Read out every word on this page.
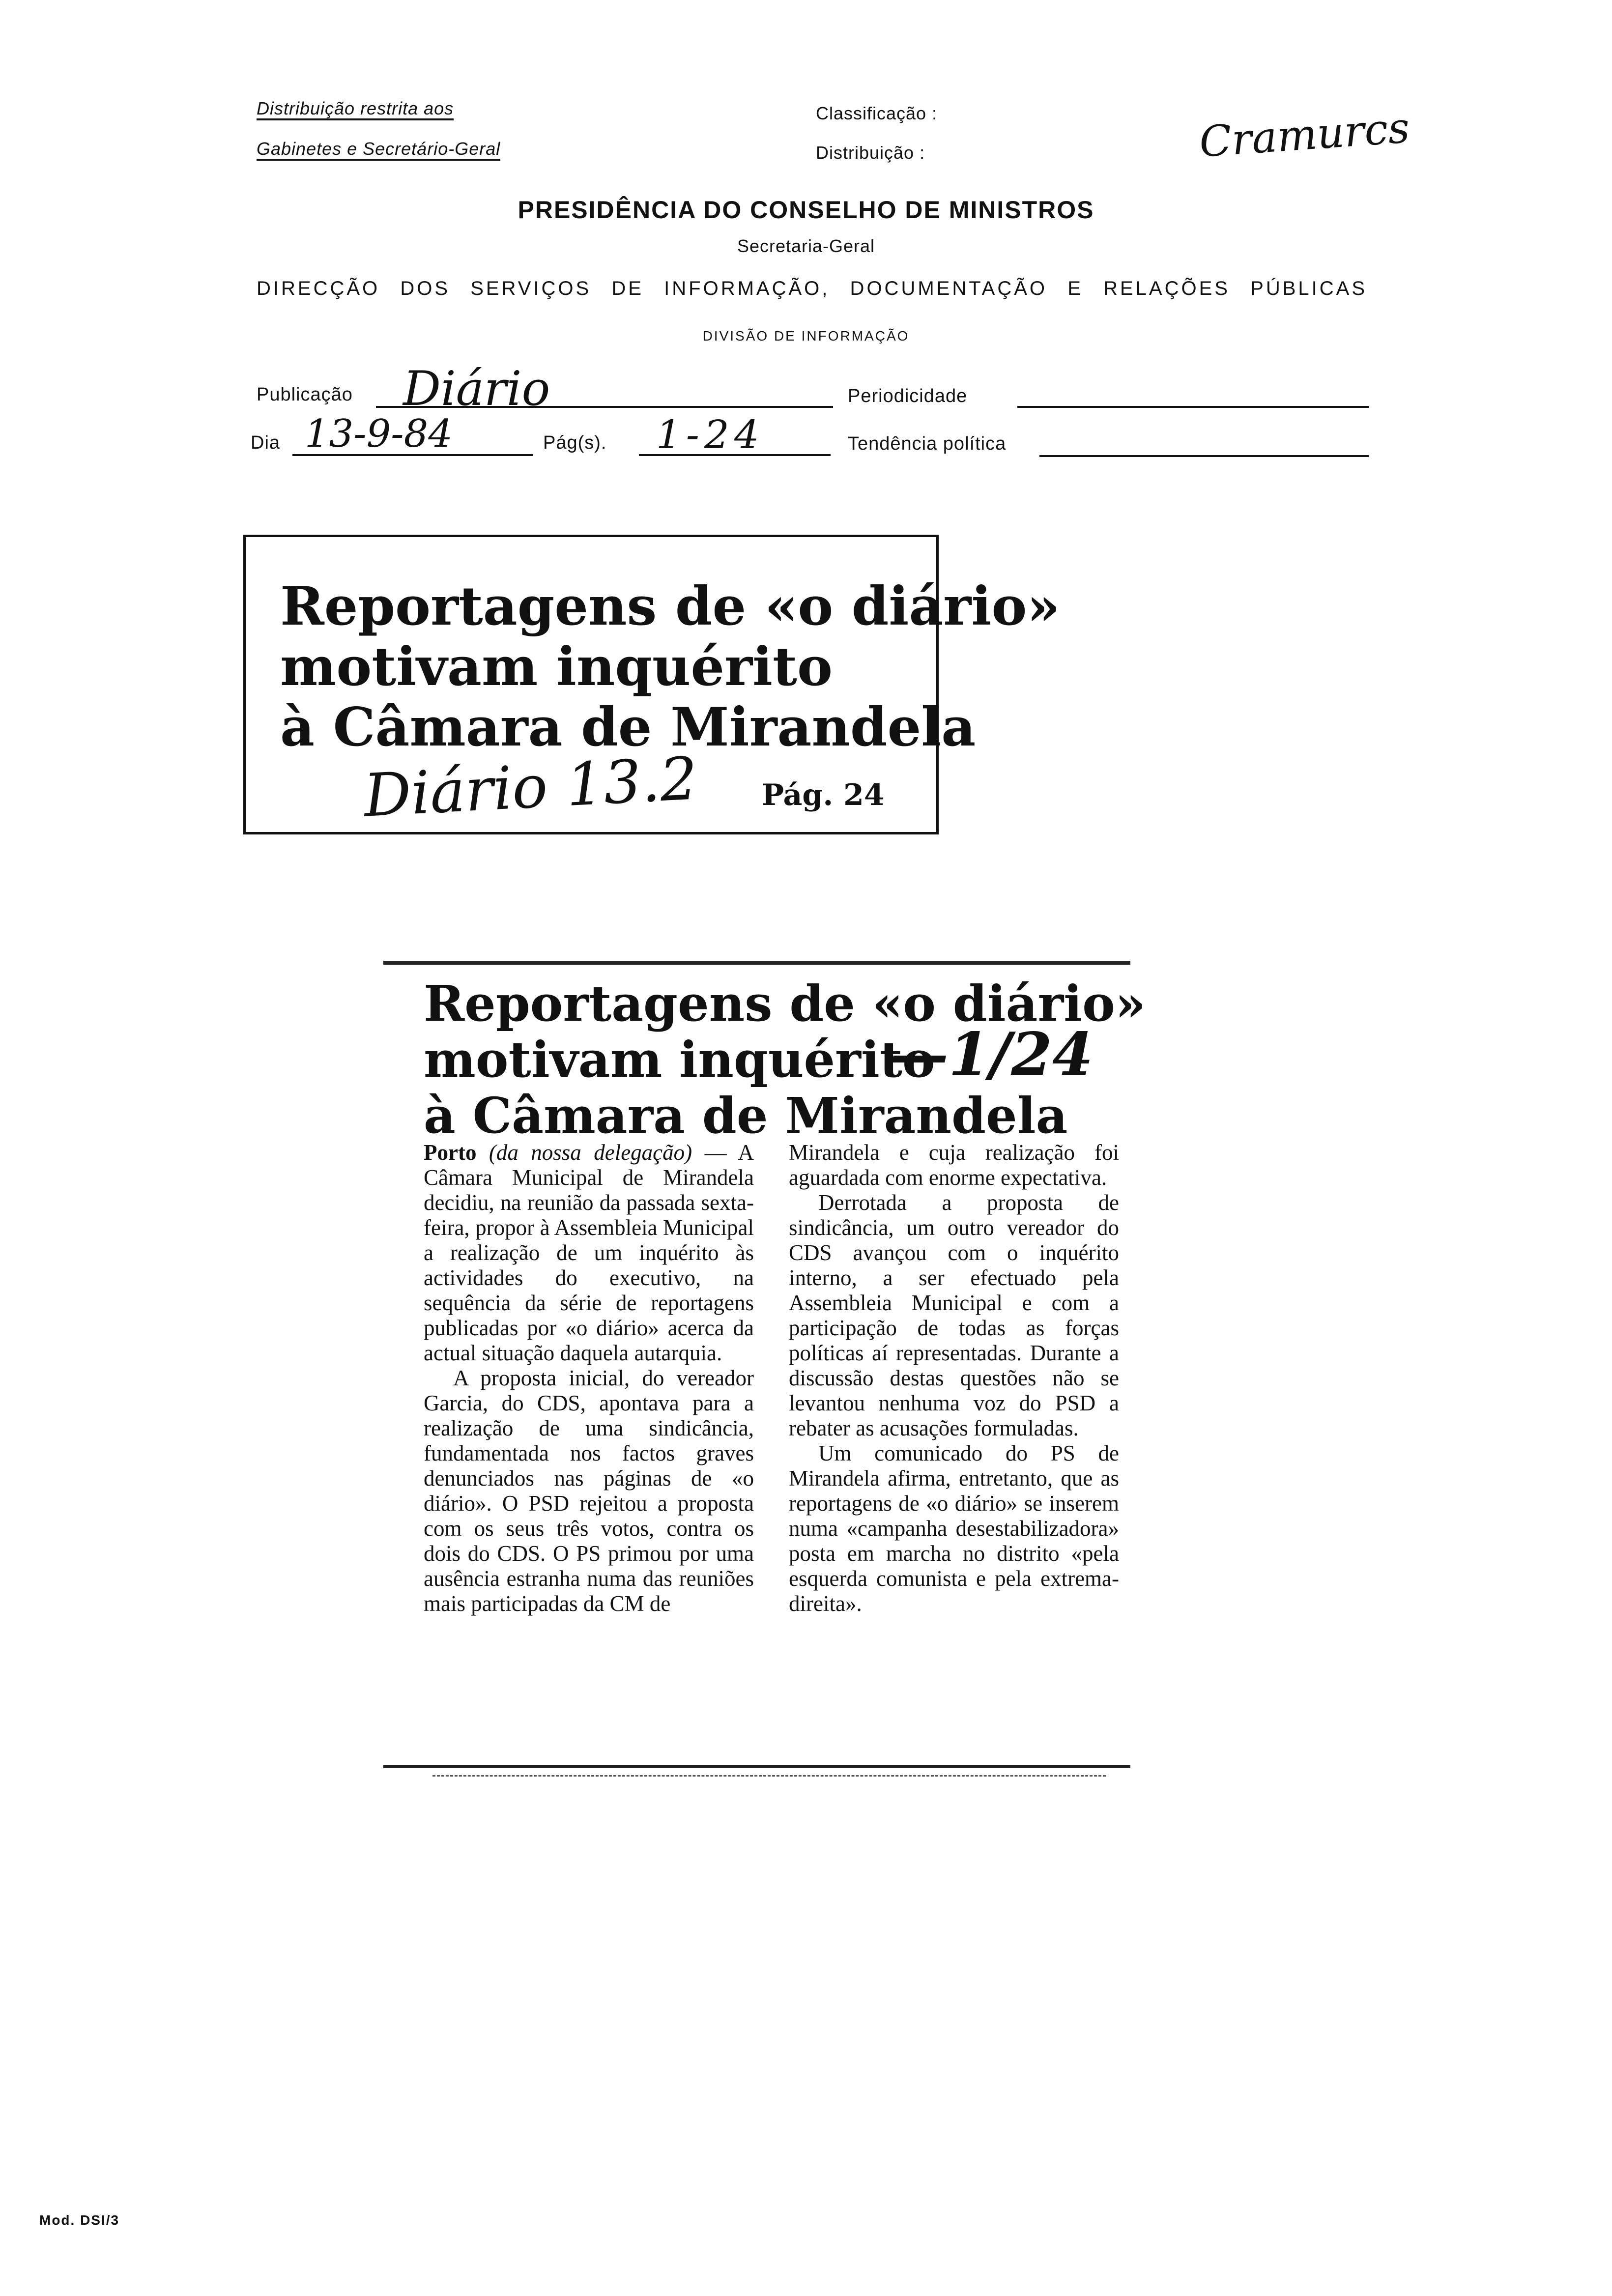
Distribuição restrita aos
Gabinetes e Secretário-Geral
Classificação :
Distribuição :	Cramurcs
PRESIDÊNCIA DO CONSELHO DE MINISTROS
Secretaria-Geral
DIRECÇÃO DOS SERVIÇOS DE INFORMAÇÃO, DOCUMENTAÇÃO E RELAÇÕES PÚBLICAS
DIVISÃO DE INFORMAÇÃO
Publicação Diário	Periodicidade
Dia 13-9-84	Pág(s). 1-24	Tendência política
Reportagens de «o diário»
motivam inquérito
à Câmara de Mirandela
Diário 13.2 Pág. 24
Reportagens de «o diário»
motivam inquérito
à Câmara de Mirandela
—1/24

Porto (da nossa delegação) — A Câmara Municipal de Mirandela decidiu, na reunião da passada sexta-feira, propor à Assembleia Municipal a realização de um inquérito às actividades do executivo, na sequência da série de reportagens publicadas por «o diário» acerca da actual situação daquela autarquia.

A proposta inicial, do vereador Garcia, do CDS, apontava para a realização de uma sindicância, fundamentada nos factos graves denunciados nas páginas de «o diário». O PSD rejeitou a proposta com os seus três votos, contra os dois do CDS. O PS primou por uma ausência estranha numa das reuniões mais participadas da CM de

Mirandela e cuja realização foi aguardada com enorme expectativa.

Derrotada a proposta de sindicância, um outro vereador do CDS avançou com o inquérito interno, a ser efectuado pela Assembleia Municipal e com a participação de todas as forças políticas aí representadas. Durante a discussão destas questões não se levantou nenhuma voz do PSD a rebater as acusações formuladas.

Um comunicado do PS de Mirandela afirma, entretanto, que as reportagens de «o diário» se inserem numa «campanha desestabilizadora» posta em marcha no distrito «pela esquerda comunista e pela extrema-direita».

Mod. DSI/3
